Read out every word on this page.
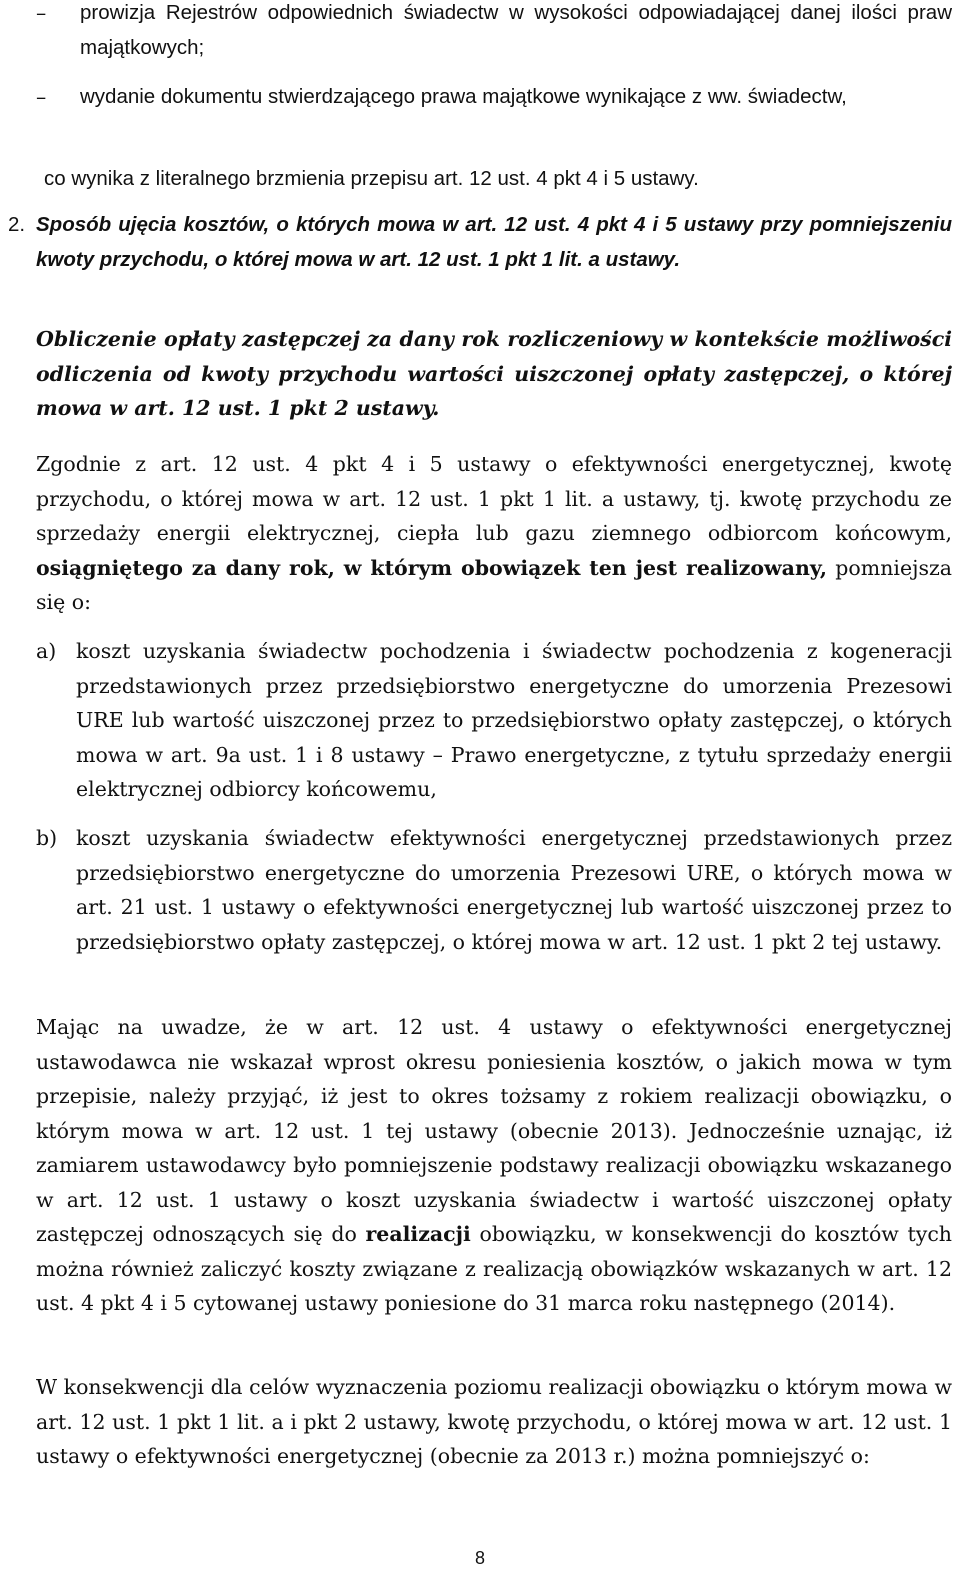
–	prowizja Rejestrów odpowiednich świadectw w wysokości odpowiadającej danej ilości praw majątkowych;

–	wydanie dokumentu stwierdzającego prawa majątkowe wynikające z ww. świadectw,

co wynika z literalnego brzmienia przepisu art. 12 ust. 4 pkt 4 i 5 ustawy.

2. Sposób ujęcia kosztów, o których mowa w art. 12 ust. 4 pkt 4 i 5 ustawy przy pomniejszeniu kwoty przychodu, o której mowa w art. 12 ust. 1 pkt 1 lit. a ustawy.

Obliczenie opłaty zastępczej za dany rok rozliczeniowy w kontekście możliwości odliczenia od kwoty przychodu wartości uiszczonej opłaty zastępczej, o której mowa w art. 12 ust. 1 pkt 2 ustawy.

Zgodnie z art. 12 ust. 4 pkt 4 i 5 ustawy o efektywności energetycznej, kwotę przychodu, o której mowa w art. 12 ust. 1 pkt 1 lit. a ustawy, tj. kwotę przychodu ze sprzedaży energii elektrycznej, ciepła lub gazu ziemnego odbiorcom końcowym, osiągniętego za dany rok, w którym obowiązek ten jest realizowany, pomniejsza się o:

a) koszt uzyskania świadectw pochodzenia i świadectw pochodzenia z kogeneracji przedstawionych przez przedsiębiorstwo energetyczne do umorzenia Prezesowi URE lub wartość uiszczonej przez to przedsiębiorstwo opłaty zastępczej, o których mowa w art. 9a ust. 1 i 8 ustawy – Prawo energetyczne, z tytułu sprzedaży energii elektrycznej odbiorcy końcowemu,

b) koszt uzyskania świadectw efektywności energetycznej przedstawionych przez przedsiębiorstwo energetyczne do umorzenia Prezesowi URE, o których mowa w art. 21 ust. 1 ustawy o efektywności energetycznej lub wartość uiszczonej przez to przedsiębiorstwo opłaty zastępczej, o której mowa w art. 12 ust. 1 pkt 2 tej ustawy.

Mając na uwadze, że w art. 12 ust. 4 ustawy o efektywności energetycznej ustawodawca nie wskazał wprost okresu poniesienia kosztów, o jakich mowa w tym przepisie, należy przyjąć, iż jest to okres tożsamy z rokiem realizacji obowiązku, o którym mowa w art. 12 ust. 1 tej ustawy (obecnie 2013). Jednocześnie uznając, iż zamiarem ustawodawcy było pomniejszenie podstawy realizacji obowiązku wskazanego w art. 12 ust. 1 ustawy o koszt uzyskania świadectw i wartość uiszczonej opłaty zastępczej odnoszących się do realizacji obowiązku, w konsekwencji do kosztów tych można również zaliczyć koszty związane z realizacją obowiązków wskazanych w art. 12 ust. 4 pkt 4 i 5 cytowanej ustawy poniesione do 31 marca roku następnego (2014).

W konsekwencji dla celów wyznaczenia poziomu realizacji obowiązku o którym mowa w art. 12 ust. 1 pkt 1 lit. a i pkt 2 ustawy, kwotę przychodu, o której mowa w art. 12 ust. 1 ustawy o efektywności energetycznej (obecnie za 2013 r.) można pomniejszyć o:

8
